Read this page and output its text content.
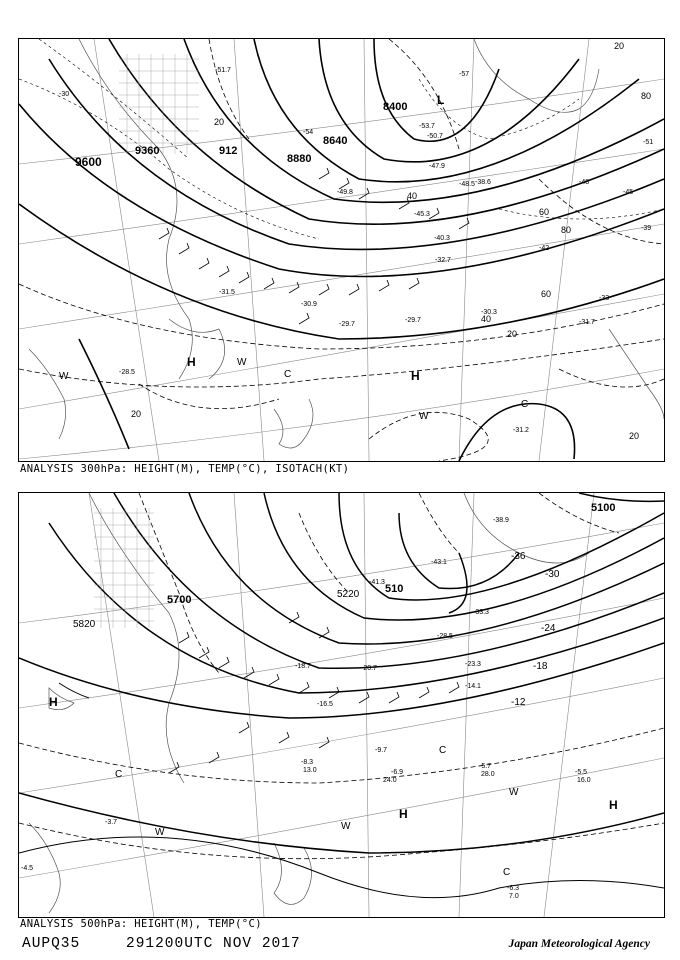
9600
9360	912
8880
8640
8400
20
40
60
80
20
40
60
80
20
20
20
L
H
H
W
W
C
C
W
-30.9
-29.7	-31.7
-30.3
-29.7
-28.5
-31.5
-32.7
-40.3
-45.3
-47.9
-49.8
-48.5
-50.7
-53.7
-51.7
-38.6
-31.2
-30
-33
-39
-42
-45
-48
-51
-54
-57
ANALYSIS 300hPa: HEIGHT(M), TEMP(°C), ISOTACH(KT)
5820
5700	5220 510
5100
-12
-18
-24
-30
-36
H
H
H
W
W
W
C
C
C
-8.3
-9.7
-6.9
-5.7
-5.5
-6.3
-14.1
-16.5
-18.7	-20.7
-23.3
-28.5
-33.3
-43.1
-41.3
-38.9
-3.7
-4.5
13.0
24.0
28.0
16.0
7.0
ANALYSIS 500hPa: HEIGHT(M), TEMP(°C)
AUPQ35	291200UTC NOV 2017	Japan Meteorological Agency
